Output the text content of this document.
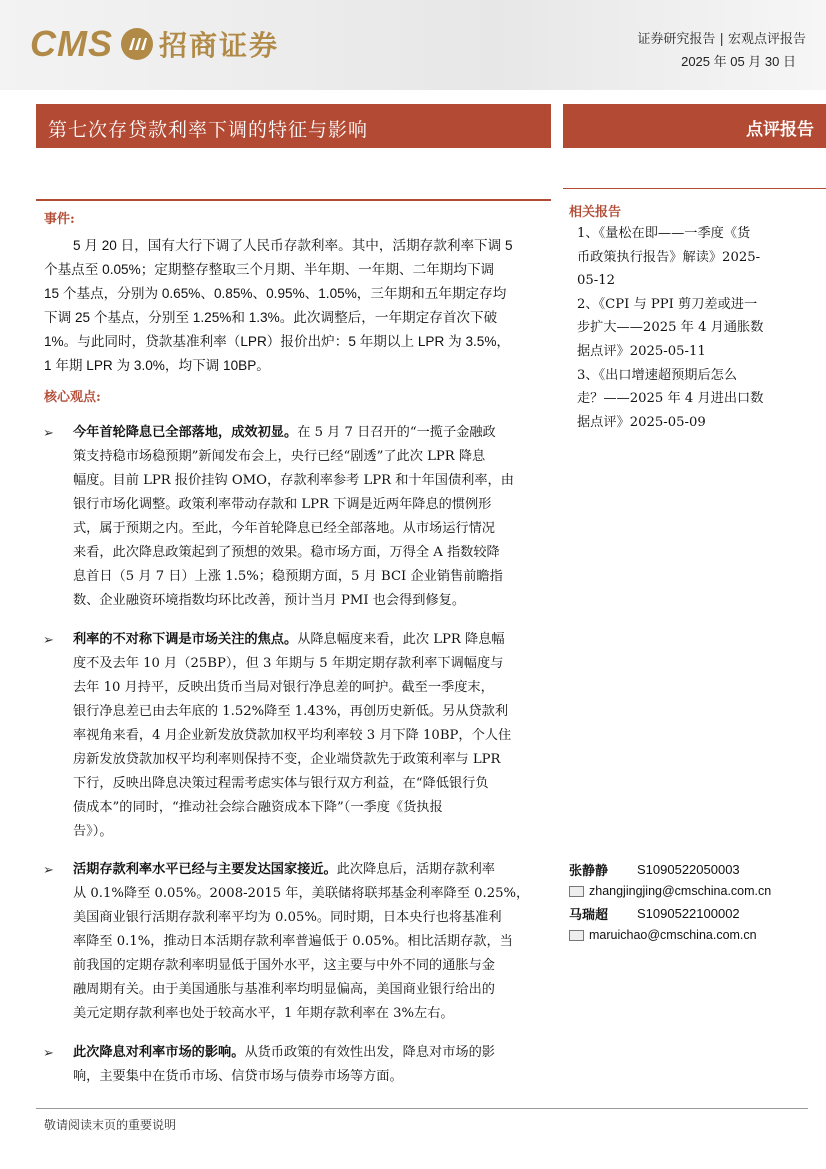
CMS 招商证券	证券研究报告 | 宏观点评报告
2025 年 05 月 30 日
第七次存贷款利率下调的特征与影响	点评报告
事件:
5 月 20 日，国有大行下调了人民币存款利率。其中，活期存款利率下调 5
个基点至 0.05%；定期整存整取三个月期、半年期、一年期、二年期均下调
15 个基点，分别为 0.65%、0.85%、0.95%、1.05%，三年期和五年期定存均
下调 25 个基点，分别至 1.25%和 1.3%。此次调整后，一年期定存首次下破
1%。与此同时，贷款基准利率（LPR）报价出炉：5 年期以上 LPR 为 3.5%，
1 年期 LPR 为 3.0%，均下调 10BP。
核心观点:
➢ 今年首轮降息已全部落地，成效初显。在 5 月 7 日召开的“一揽子金融政
策支持稳市场稳预期”新闻发布会上，央行已经“剧透”了此次 LPR 降息
幅度。目前 LPR 报价挂钩 OMO，存款利率参考 LPR 和十年国债利率，由
银行市场化调整。政策利率带动存款和 LPR 下调是近两年降息的惯例形
式，属于预期之内。至此，今年首轮降息已经全部落地。从市场运行情况
来看，此次降息政策起到了预想的效果。稳市场方面，万得全 A 指数较降
息首日（5 月 7 日）上涨 1.5%；稳预期方面，5 月 BCI 企业销售前瞻指
数、企业融资环境指数均环比改善，预计当月 PMI 也会得到修复。
➢ 利率的不对称下调是市场关注的焦点。从降息幅度来看，此次 LPR 降息幅
度不及去年 10 月（25BP），但 3 年期与 5 年期定期存款利率下调幅度与
去年 10 月持平，反映出货币当局对银行净息差的呵护。截至一季度末，
银行净息差已由去年底的 1.52%降至 1.43%，再创历史新低。另从贷款利
率视角来看，4 月企业新发放贷款加权平均利率较 3 月下降 10BP，个人住
房新发放贷款加权平均利率则保持不变，企业端贷款先于政策利率与 LPR
下行，反映出降息决策过程需考虑实体与银行双方利益，在“降低银行负
债成本”的同时，“推动社会综合融资成本下降”（一季度《货执报
告》）。
➢ 活期存款利率水平已经与主要发达国家接近。此次降息后，活期存款利率
从 0.1%降至 0.05%。2008-2015 年，美联储将联邦基金利率降至 0.25%，
美国商业银行活期存款利率平均为 0.05%。同时期，日本央行也将基准利
率降至 0.1%，推动日本活期存款利率普遍低于 0.05%。相比活期存款，当
前我国的定期存款利率明显低于国外水平，这主要与中外不同的通胀与金
融周期有关。由于美国通胀与基准利率均明显偏高，美国商业银行给出的
美元定期存款利率也处于较高水平，1 年期存款利率在 3%左右。
➢ 此次降息对利率市场的影响。从货币政策的有效性出发，降息对市场的影
响，主要集中在货币市场、信贷市场与债券市场等方面。
相关报告
1、《量松在即——一季度《货
币政策执行报告》解读》2025-
05-12
2、《CPI 与 PPI 剪刀差或进一
步扩大——2025 年 4 月通胀数
据点评》2025-05-11
3、《出口增速超预期后怎么
走？——2025 年 4 月进出口数
据点评》2025-05-09
张静静	S1090522050003
zhangjingjing@cmschina.com.cn
马瑞超	S1090522100002
maruichao@cmschina.com.cn
敬请阅读末页的重要说明
